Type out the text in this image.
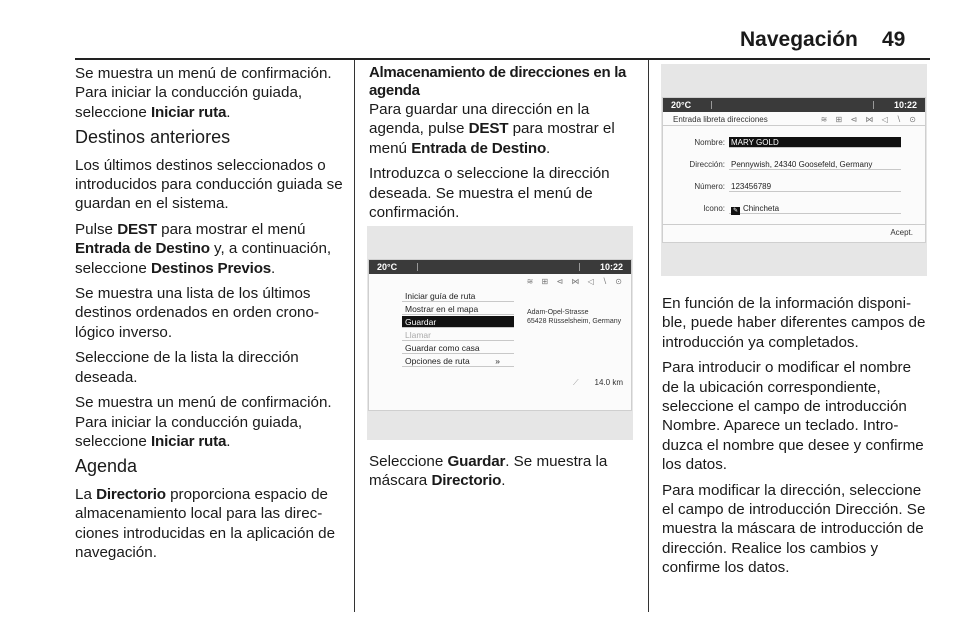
Navegación 49

Se muestra un menú de confirmación. Para iniciar la conducción guiada, seleccione Iniciar ruta.

Destinos anteriores

Los últimos destinos seleccionados o introducidos para conducción guiada se guardan en el sistema.

Pulse DEST para mostrar el menú Entrada de Destino y, a continuación, seleccione Destinos Previos.

Se muestra una lista de los últimos destinos ordenados en orden cronológico inverso.

Seleccione de la lista la dirección deseada.

Se muestra un menú de confirmación. Para iniciar la conducción guiada, seleccione Iniciar ruta.

Agenda

La Directorio proporciona espacio de almacenamiento local para las direcciones introducidas en la aplicación de navegación.

Almacenamiento de direcciones en la agenda

Para guardar una dirección en la agenda, pulse DEST para mostrar el menú Entrada de Destino.

Introduzca o seleccione la dirección deseada. Se muestra el menú de confirmación.

Seleccione Guardar. Se muestra la máscara Directorio.

20°C	10:22
≋ ⊞ ⊲ ⋈ ◁ ∖ ⊙
Iniciar guía de ruta
Mostrar en el mapa
Guardar
Llamar
Guardar como casa
Opciones de ruta	»
Adam-Opel-Strasse
65428 Rüsselsheim, Germany
⟋ 14.0 km
20°C	10:22
Entrada libreta direcciones	≋ ⊞ ⊲ ⋈ ◁ ∖ ⊙
Nombre: MARY GOLD
Dirección: Pennywish, 24340 Goosefeld, Germany
Número: 123456789
Icono:	✎ Chincheta
Acept.

En función de la información disponible, puede haber diferentes campos de introducción ya completados.

Para introducir o modificar el nombre de la ubicación correspondiente, seleccione el campo de introducción Nombre. Aparece un teclado. Introduzca el nombre que desee y confirme los datos.

Para modificar la dirección, seleccione el campo de introducción Dirección. Se muestra la máscara de introducción de dirección. Realice los cambios y confirme los datos.
